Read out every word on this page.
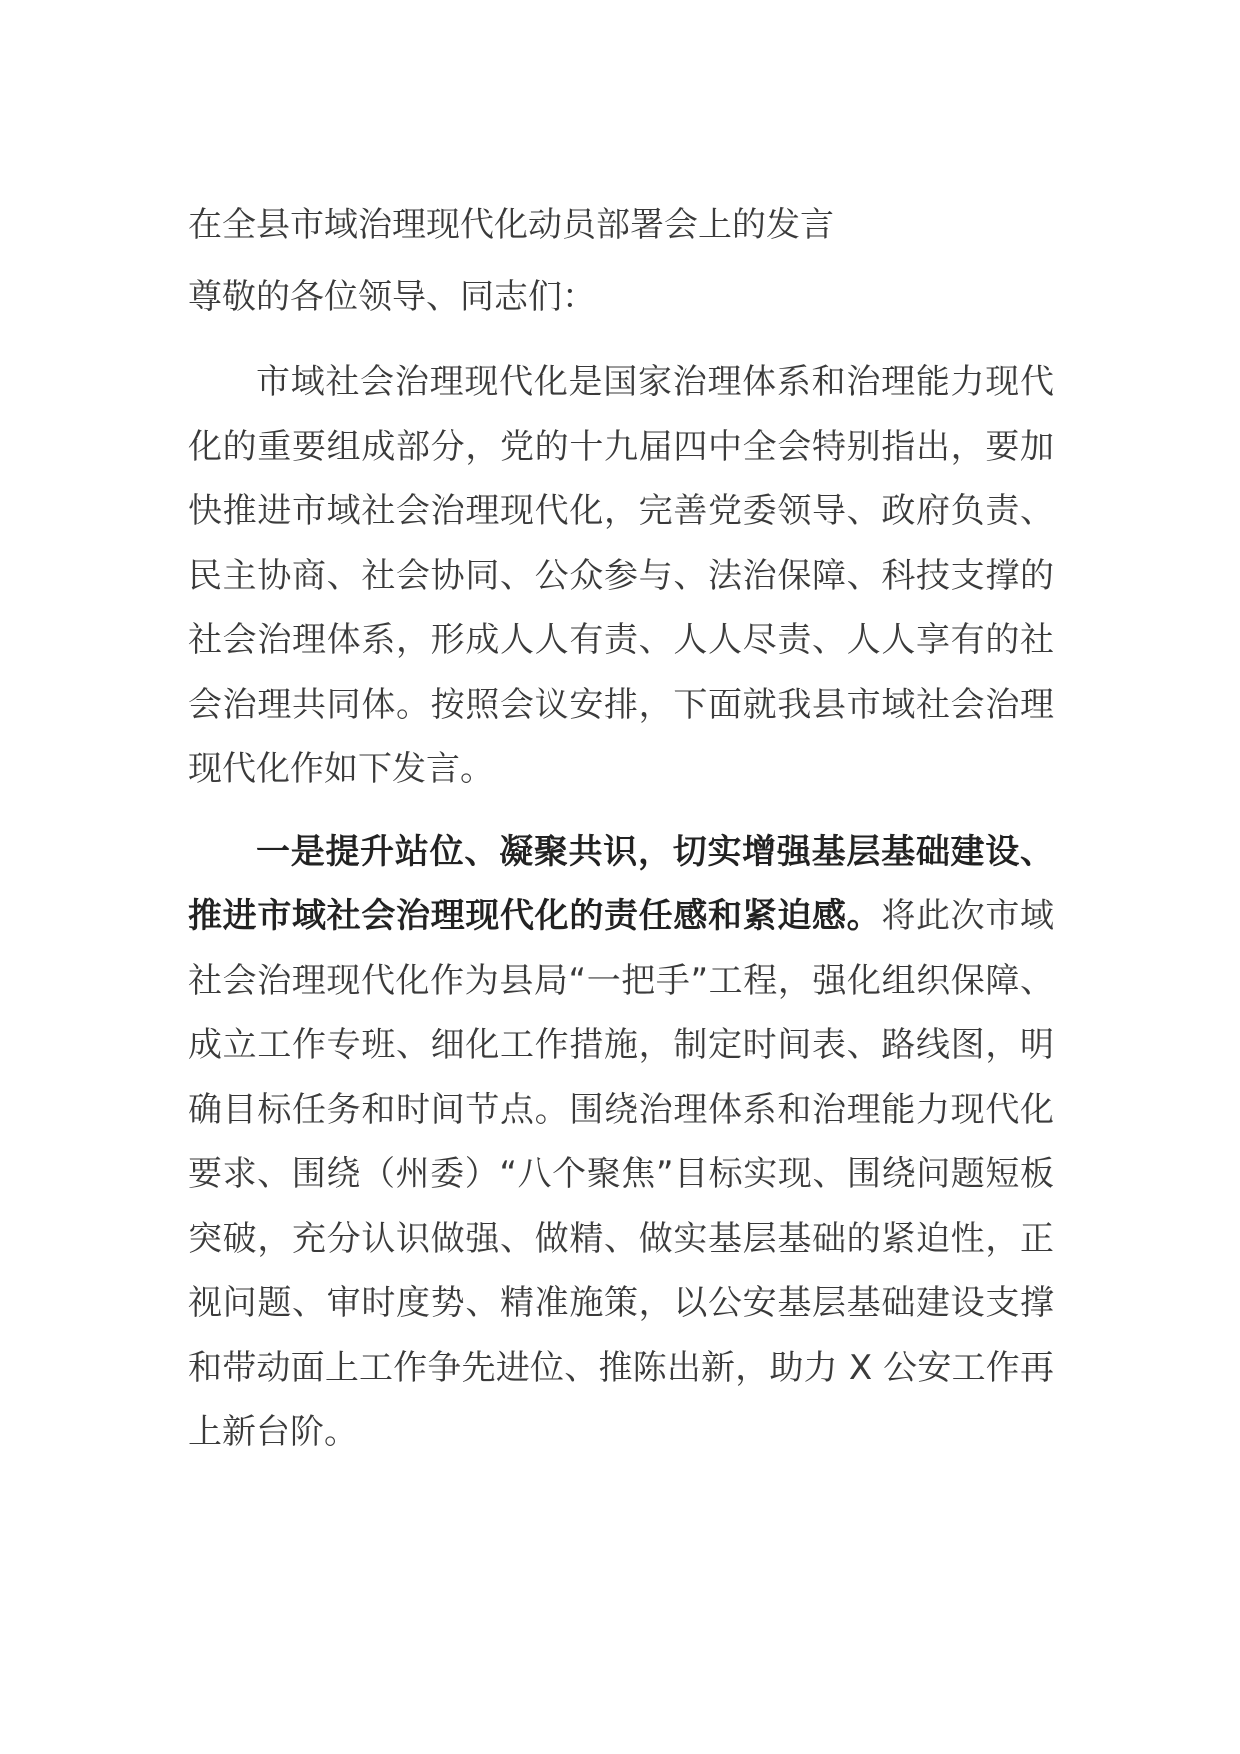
在全县市域治理现代化动员部署会上的发言
尊敬的各位领导、同志们：

市域社会治理现代化是国家治理体系和治理能力现代化的重要组成部分，党的十九届四中全会特别指出，要加快推进市域社会治理现代化，完善党委领导、政府负责、民主协商、社会协同、公众参与、法治保障、科技支撑的社会治理体系，形成人人有责、人人尽责、人人享有的社会治理共同体。按照会议安排，下面就我县市域社会治理现代化作如下发言。

一是提升站位、凝聚共识，切实增强基层基础建设、推进市域社会治理现代化的责任感和紧迫感。将此次市域社会治理现代化作为县局“一把手”工程，强化组织保障、成立工作专班、细化工作措施，制定时间表、路线图，明确目标任务和时间节点。围绕治理体系和治理能力现代化要求、围绕（州委）“八个聚焦”目标实现、围绕问题短板突破，充分认识做强、做精、做实基层基础的紧迫性，正视问题、审时度势、精准施策，以公安基层基础建设支撑和带动面上工作争先进位、推陈出新，助力 X 公安工作再上新台阶。
